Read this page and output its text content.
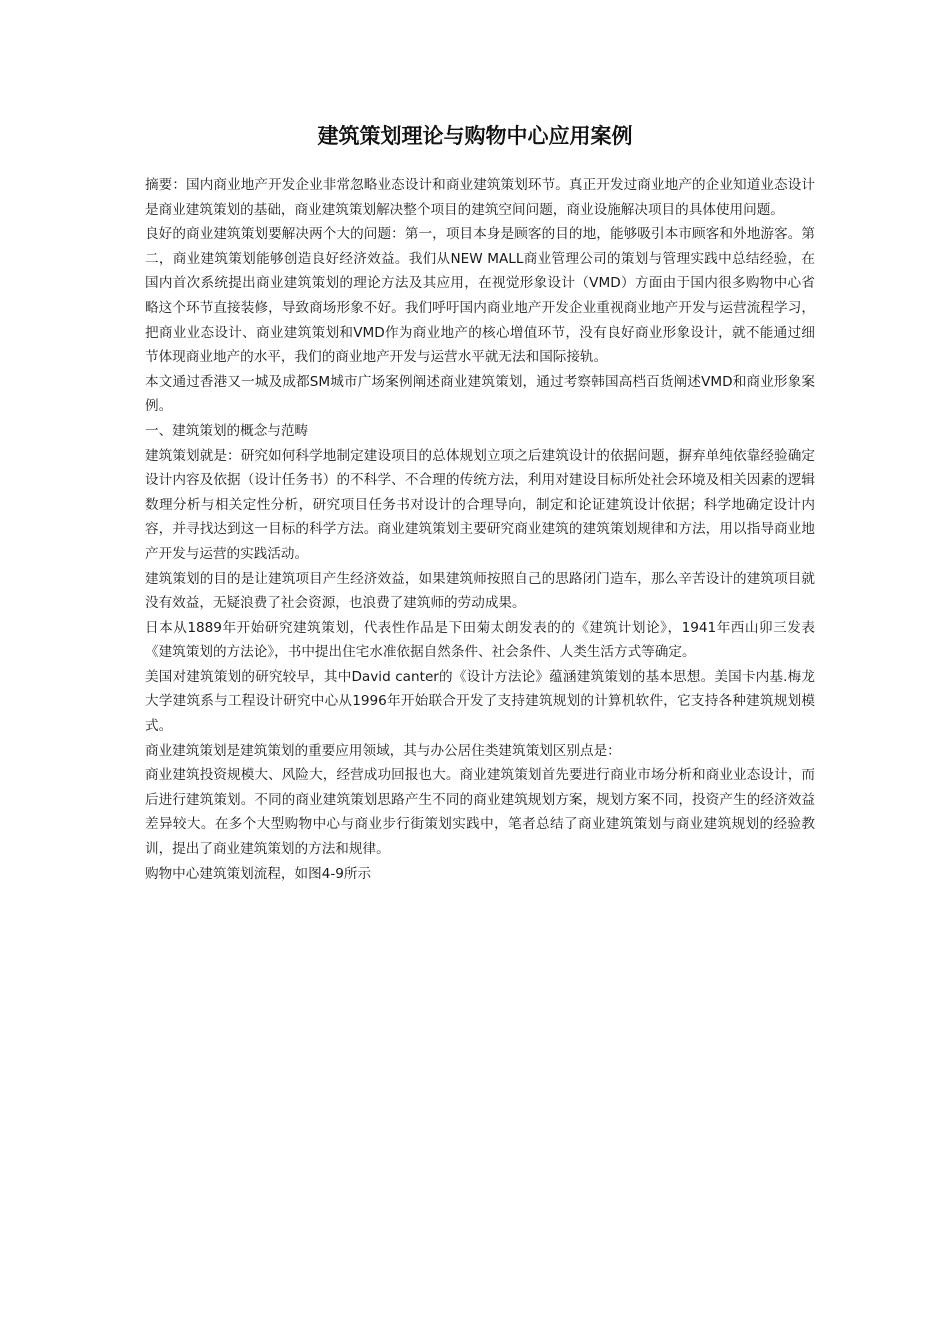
建筑策划理论与购物中心应用案例

摘要：国内商业地产开发企业非常忽略业态设计和商业建筑策划环节。真正开发过商业地产的企业知道业态设计是商业建筑策划的基础，商业建筑策划解决整个项目的建筑空间问题，商业设施解决项目的具体使用问题。

良好的商业建筑策划要解决两个大的问题：第一，项目本身是顾客的目的地，能够吸引本市顾客和外地游客。第二，商业建筑策划能够创造良好经济效益。我们从NEW MALL商业管理公司的策划与管理实践中总结经验，在国内首次系统提出商业建筑策划的理论方法及其应用，在视觉形象设计（VMD）方面由于国内很多购物中心省略这个环节直接装修，导致商场形象不好。我们呼吁国内商业地产开发企业重视商业地产开发与运营流程学习，把商业业态设计、商业建筑策划和VMD作为商业地产的核心增值环节，没有良好商业形象设计，就不能通过细节体现商业地产的水平，我们的商业地产开发与运营水平就无法和国际接轨。

本文通过香港又一城及成都SM城市广场案例阐述商业建筑策划，通过考察韩国高档百货阐述VMD和商业形象案例。

一、建筑策划的概念与范畴

建筑策划就是：研究如何科学地制定建设项目的总体规划立项之后建筑设计的依据问题，摒弃单纯依靠经验确定设计内容及依据（设计任务书）的不科学、不合理的传统方法，利用对建设目标所处社会环境及相关因素的逻辑数理分析与相关定性分析，研究项目任务书对设计的合理导向，制定和论证建筑设计依据；科学地确定设计内容，并寻找达到这一目标的科学方法。商业建筑策划主要研究商业建筑的建筑策划规律和方法，用以指导商业地产开发与运营的实践活动。

建筑策划的目的是让建筑项目产生经济效益，如果建筑师按照自己的思路闭门造车，那么辛苦设计的建筑项目就没有效益，无疑浪费了社会资源，也浪费了建筑师的劳动成果。

日本从1889年开始研究建筑策划，代表性作品是下田菊太朗发表的的《建筑计划论》，1941年西山卯三发表《建筑策划的方法论》，书中提出住宅水准依据自然条件、社会条件、人类生活方式等确定。

美国对建筑策划的研究较早，其中David canter的《设计方法论》蕴涵建筑策划的基本思想。美国卡内基.梅龙大学建筑系与工程设计研究中心从1996年开始联合开发了支持建筑规划的计算机软件，它支持各种建筑规划模式。

商业建筑策划是建筑策划的重要应用领域，其与办公居住类建筑策划区别点是：

商业建筑投资规模大、风险大，经营成功回报也大。商业建筑策划首先要进行商业市场分析和商业业态设计，而后进行建筑策划。不同的商业建筑策划思路产生不同的商业建筑规划方案，规划方案不同，投资产生的经济效益差异较大。在多个大型购物中心与商业步行街策划实践中，笔者总结了商业建筑策划与商业建筑规划的经验教训，提出了商业建筑策划的方法和规律。

购物中心建筑策划流程，如图4-9所示
